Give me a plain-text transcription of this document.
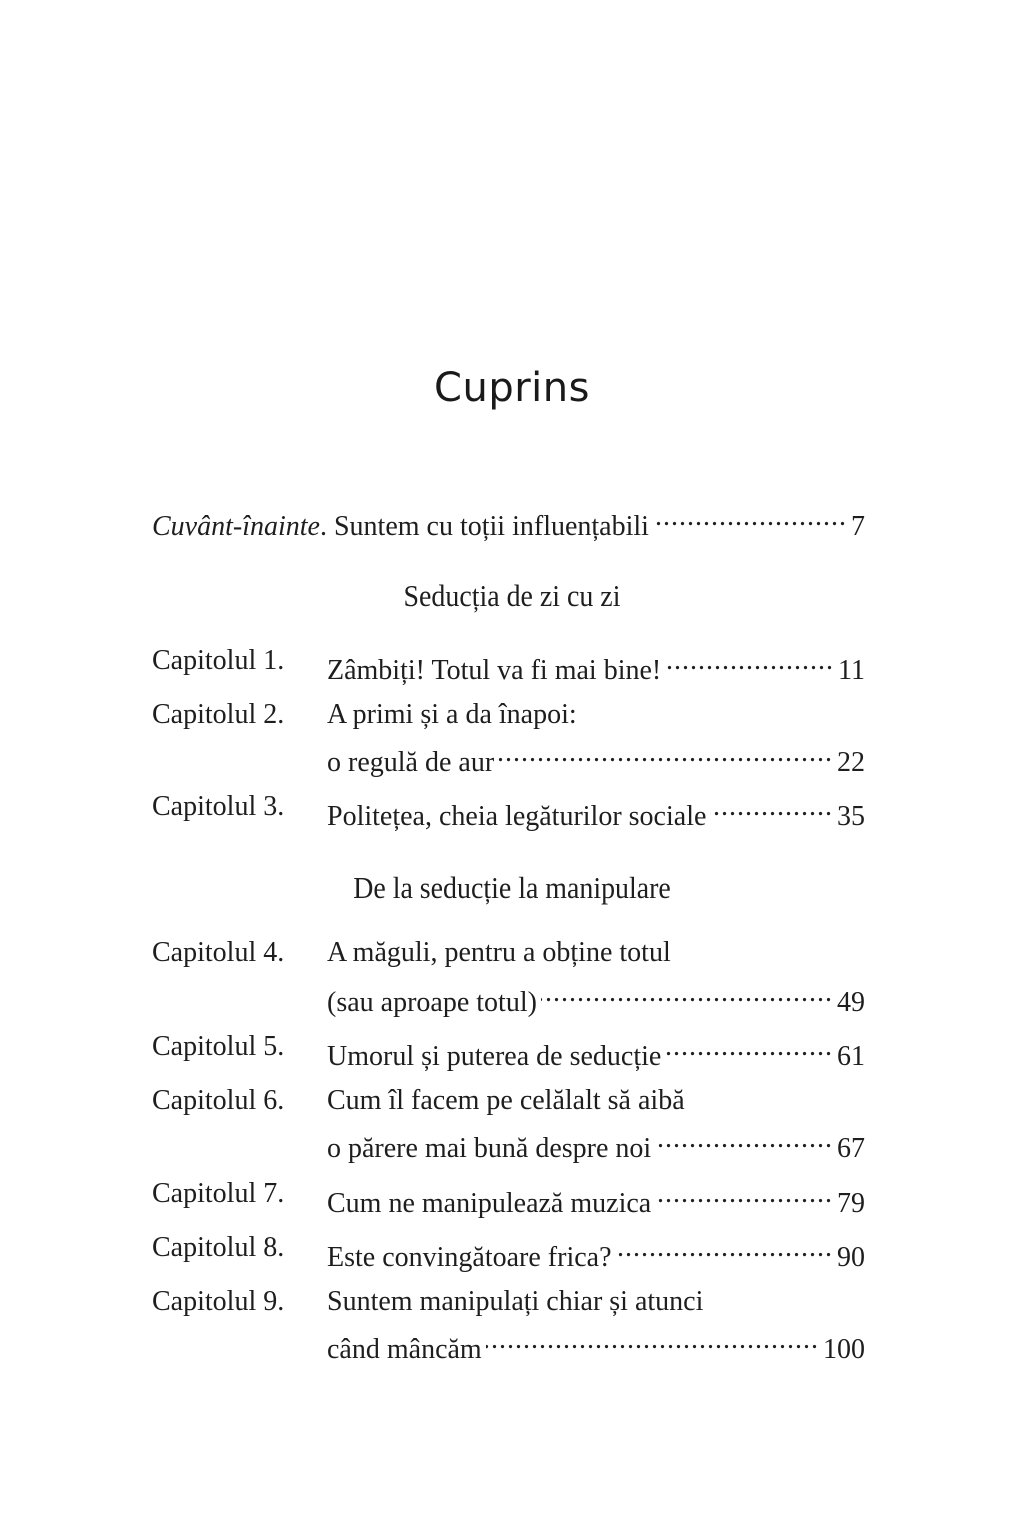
Cuprins
Cuvânt-înainte. Suntem cu toții influențabili .....	7
Seducția de zi cu zi
Capitolul 1. Zâmbiți! Totul va fi mai bine! .....	11
Capitolul 2. A primi și a da înapoi:
o regulă de aur .....	22
Capitolul 3. Politețea, cheia legăturilor sociale .....	35
De la seducție la manipulare
Capitolul 4. A măguli, pentru a obține totul
(sau aproape totul) .....	49
Capitolul 5. Umorul și puterea de seducție .....	61
Capitolul 6. Cum îl facem pe celălalt să aibă
o părere mai bună despre noi .....	67
Capitolul 7. Cum ne manipulează muzica .....	79
Capitolul 8. Este convingătoare frica? .....	90
Capitolul 9. Suntem manipulați chiar și atunci
când mâncăm .....	100
